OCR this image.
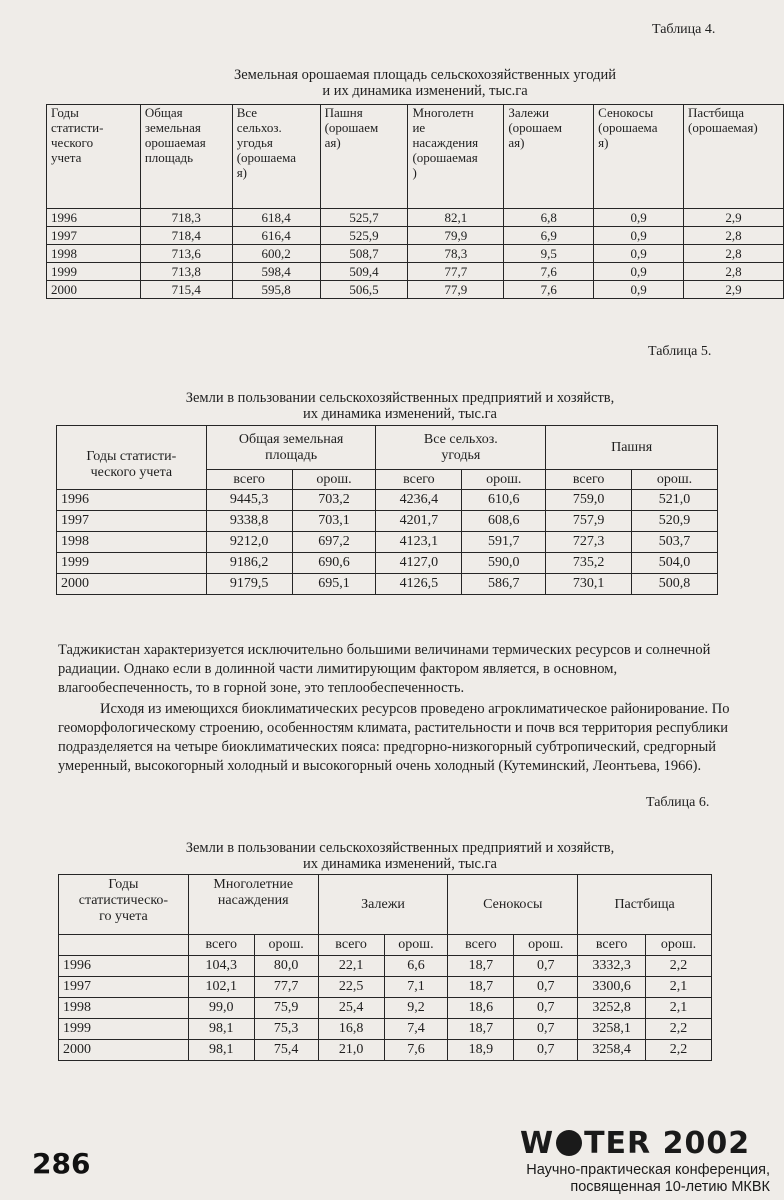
Таблица 4.
Земельная орошаемая площадь сельскохозяйственных угодий
и их динамика изменений, тыс.га
Годы
статисти-
ческого
учета	Общая
земельная
орошаемая
площадь	Все
сельхоз.
угодья
(орошаема
я)	Пашня
(орошаем
ая)	Многолетн
ие
насаждения
(орошаемая
)	Залежи
(орошаем
ая)	Сенокосы
(орошаема
я)	Пастбища
(орошаемая)
1996	718,3	618,4	525,7	82,1	6,8	0,9	2,9
1997	718,4	616,4	525,9	79,9	6,9	0,9	2,8
1998	713,6	600,2	508,7	78,3	9,5	0,9	2,8
1999	713,8	598,4	509,4	77,7	7,6	0,9	2,8
2000	715,4	595,8	506,5	77,9	7,6	0,9	2,9
Таблица 5.
Земли в пользовании сельскохозяйственных предприятий и хозяйств,
их динамика изменений, тыс.га
Годы статисти-
ческого учета	Общая земельная
площадь		Все сельхоз.
угодья		Пашня	
	всего	орош.	всего	орош.	всего	орош.
1996	9445,3	703,2	4236,4	610,6	759,0	521,0
1997	9338,8	703,1	4201,7	608,6	757,9	520,9
1998	9212,0	697,2	4123,1	591,7	727,3	503,7
1999	9186,2	690,6	4127,0	590,0	735,2	504,0
2000	9179,5	695,1	4126,5	586,7	730,1	500,8
Таджикистан характеризуется исключительно большими величинами термических ресурсов и солнечной
радиации. Однако если в долинной части лимитирующим фактором является, в основном,
влагообеспеченность, то в горной зоне, это теплообеспеченность.
Исходя из имеющихся биоклиматических ресурсов проведено агроклиматическое районирование. По
геоморфологическому строению, особенностям климата, растительности и почв вся территория республики
подразделяется на четыре биоклиматических пояса: предгорно-низкогорный субтропический, средгорный
умеренный, высокогорный холодный и высокогорный очень холодный (Кутеминский, Леонтьева, 1966).
Таблица 6.
Земли в пользовании сельскохозяйственных предприятий и хозяйств,
их динамика изменений, тыс.га
Годы
статистическо-
го учета	Многолетние
насаждения		Залежи		Сенокосы		Пастбища	
	всего	орош.	всего	орош.	всего	орош.	всего	орош.
1996	104,3	80,0	22,1	6,6	18,7	0,7	3332,3	2,2
1997	102,1	77,7	22,5	7,1	18,7	0,7	3300,6	2,1
1998	99,0	75,9	25,4	9,2	18,6	0,7	3252,8	2,1
1999	98,1	75,3	16,8	7,4	18,7	0,7	3258,1	2,2
2000	98,1	75,4	21,0	7,6	18,9	0,7	3258,4	2,2
286
W TER 2002
Научно-практическая конференция,
посвященная 10-летию МКВК
